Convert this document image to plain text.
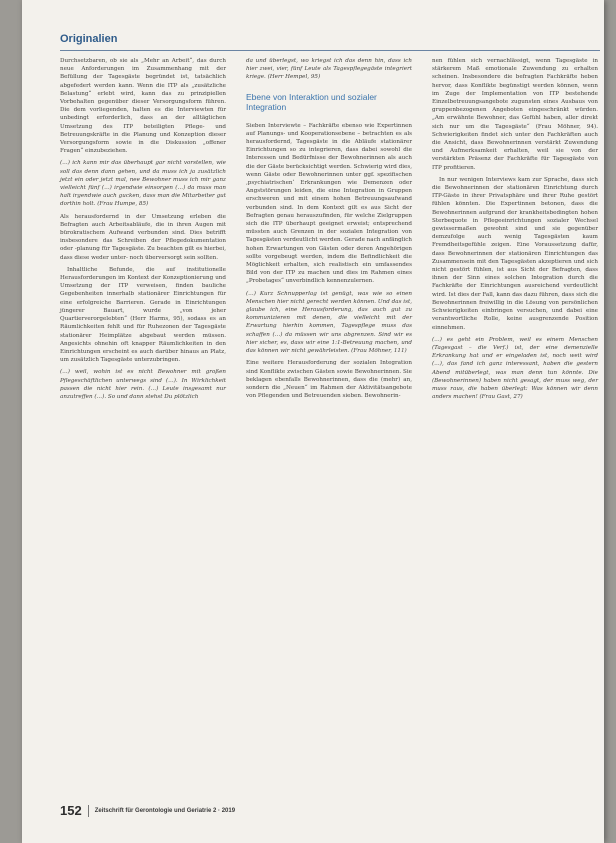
Originalien

Durchsetzbaren, ob sie als „Mehr an Arbeit“, das durch neue Anforderungen im Zusammenhang mit der Befüllung der Tagesgäste begründet ist, tatsächlich abgefedert werden kann. Wenn die ITP als „zusätzliche Belastung“ erlebt wird, kann das zu prinzipiellen Vorbehalten gegenüber dieser Versorgungsform führen. Die dem vorliegenden, halten es die Interviewten für unbedingt erforderlich, dass an der alltäglichen Umsetzung des ITP beteiligten Pflege- und Betreuungskräfte in die Planung und Konzeption dieser Versorgungsform sowie in die Diskussion „offener Fragen“ einzubeziehen.

(…) ich kann mir das überhaupt gar nicht vorstellen, wie soll das denn dann gehen, und da muss ich ja zusätzlich jetzt ein oder jetzt mal, nee Bewohner muss ich mir ganz vielleicht fünf (…) irgendwie einsorgen (…) da muss man halt irgendwie auch gucken, dass man die Mitarbeiter gut dorthin holt. (Frau Humpe, 85)

Als herausfordernd in der Umsetzung erleben die Befragten auch Arbeitsabläufe, die in ihren Augen mit bürokratischem Aufwand verbunden sind. Dies betrifft insbesondere das Schreiben der Pflegedokumentation oder -planung für Tagesgäste. Zu beachten gilt es hierbei, dass diese weder unter- noch überversorgt sein sollten.

Inhaltliche Befunde, die auf institutionelle Herausforderungen im Kontext der Konzeptionierung und Umsetzung der ITP verweisen, finden bauliche Gegebenheiten innerhalb stationärer Einrichtungen für eine erfolgreiche Barrieren. Gerade in Einrichtungen jüngerer Bauart, wurde „von jeher Quartierverorgelebten“ (Herr Harms, 95), sodass es an Räumlichkeiten fehlt und für Ruhezonen der Tagesgäste stationärer Heimplätze abgebaut werden müssen. Angesichts ohnehin oft knapper Räumlichkeiten in den Einrichtungen erscheint es auch darüber hinaus an Platz, um zusätzlich Tagesgäste unterzubringen.

(…) weil, wohin ist es nicht Bewohner mit großen Pflegeschäftlichen unterwegs sind (…). In Wirklichkeit passen die nicht hier rein. (…) Leute insgesamt nur anzutreffen (…). So und dann stehst Du plötzlich

da und überlegst, wo kriegst ich das denn hin, dass ich hier zwei, vier, fünf Leute als Tagespflegegäste integriert kriege. (Herr Hempel, 95)

Ebene von Interaktion und sozialer Integration

Sieben Interviewte – Fachkräfte ebenso wie Expertinnen auf Planungs- und Kooperationsebene – betrachten es als herausfordernd, Tagesgäste in die Abläufe stationärer Einrichtungen so zu integrieren, dass dabei sowohl die Interessen und Bedürfnisse der Bewohnerinnen als auch die der Gäste berücksichtigt werden. Schwierig wird dies, wenn Gäste oder Bewohnerinnen unter ggf. spezifischen ‚psychiatrischen‘ Erkrankungen wie Demenzen oder Angststörungen leiden, die eine Integration in Gruppen erschweren und mit einem hohen Betreuungsaufwand verbunden sind. In dem Kontext gilt es aus Sicht der Befragten genau herauszufinden, für welche Zielgruppen sich die ITP überhaupt geeignet erweist; entsprechend müssten auch Grenzen in der sozialen Integration von Tagesgästen verdeutlicht werden. Gerade nach anfänglich hohen Erwartungen von Gästen oder deren Angehörigen sollte vorgebeugt werden, indem die Befindlichkeit die Möglichkeit erhalten, sich realistisch ein umfassendes Bild von der ITP zu machen und dies im Rahmen eines „Probetages“ unverbindlich kennenzulernen.

(…) Kurz Schnupperlag ist genügt, was wie so einen Menschen hier nicht gerecht werden können. Und das ist, glaube ich, eine Herausforderung, das auch gut zu kommunizieren mit denen, die vielleicht mit der Erwartung hierhin kommen, Tagespflege muss das schaffen (…) da müssen wir uns abgrenzen. Sind wir es hier sicher, es, dass wir eine 1:1-Betreuung machen, und das können wir nicht gewährleisten. (Frau Möhner, 111)

Eine weitere Herausforderung der sozialen Integration sind Konflikte zwischen Gästen sowie Bewohnerinnen. Sie beklagen ebenfalls Bewohnerinnen, dass die (mehr) an, sondern die „Neuen“ im Rahmen der Aktivitätsangebote von Pflegenden und Betreuenden sieben. Bewohnerin-

nen fühlen sich vernachlässigt, wenn Tagesgäste in stärkerem Maß emotionale Zuwendung zu erhalten scheinen. Insbesondere die befragten Fachkräfte heben hervor, dass Konflikte begünstigt werden können, wenn im Zuge der Implementation von ITP bestehende Einzelbetreuungsangebote zugunsten eines Ausbaus von gruppenbezogenen Angeboten eingeschränkt würden. „Am erwähnte Bewohner, das Gefühl haben, aller direkt sich nur um die Tagesgäste“ (Frau Möhner, 94). Schwierigkeiten findet sich unter den Fachkräften auch die Ansicht, dass Bewohnerinnen verstärkt Zuwendung und Aufmerksamkeit erhalten, weil sie von der verstärkten Präsenz der Fachkräfte für Tagesgäste von ITP profitieren.

In nur wenigen Interviews kam zur Sprache, dass sich die Bewohnerinnen der stationären Einrichtung durch ITP-Gäste in ihrer Privatsphäre und ihrer Ruhe gestört fühlen könnten. Die Expertinnen betonen, dass die Bewohnerinnen aufgrund der krankheitsbedingten hohen Sterbequote in Pflegeeinrichtungen sozialer Wechsel gewissermaßen gewohnt sind und sie gegenüber demzufolge auch wenig Tagesgästen kaum Fremdheitsgefühle zeigen. Eine Voraussetzung dafür, dass Bewohnerinnen der stationären Einrichtungen das Zusammensein mit den Tagesgästen akzeptieren und sich nicht gestört fühlen, ist aus Sicht der Befragten, dass ihnen der Sinn eines solchen Integration durch die Fachkräfte der Einrichtungen ausreichend verdeutlicht wird. Ist dies der Fall, kann das dazu führen, dass sich die Bewohnerinnen freiwillig in die Lösung von persönlichen Schwierigkeiten einbringen versuchen, und dabei eine verantwortliche Rolle, keine ausgrenzende Position einnehmen.

(…) es geht ein Problem, weil es einem Menschen (Tagesgast – die Verf.) ist, der eine demenzielle Erkrankung hat und er eingeladen ist, noch weit wird (…), das fand ich ganz interessant, haben die gestern Abend mitüberlegt, was man denn tun könnte. Die (Bewohnerinnen) haben nicht gesagt, der muss weg, der muss raus, die haben überlegt: Was können wir denn anders machen! (Frau Gast, 27)

152 Zeitschrift für Gerontologie und Geriatrie 2 · 2019
